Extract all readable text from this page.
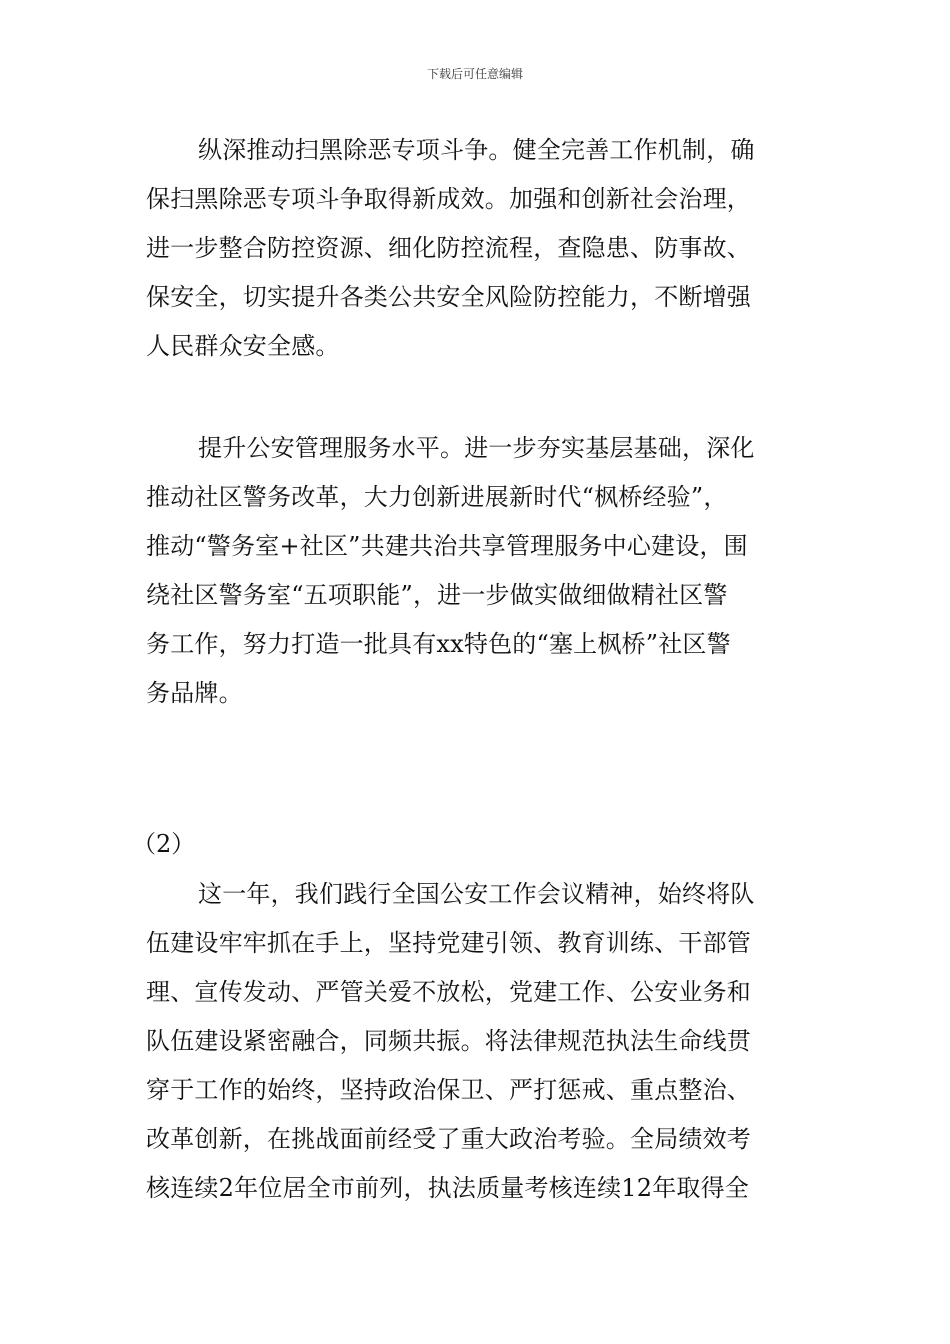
下载后可任意编辑
纵深推动扫黑除恶专项斗争。健全完善工作机制，确
保扫黑除恶专项斗争取得新成效。加强和创新社会治理，
进一步整合防控资源、细化防控流程，查隐患、防事故、
保安全，切实提升各类公共安全风险防控能力，不断增强
人民群众安全感。
提升公安管理服务水平。进一步夯实基层基础，深化
推动社区警务改革，大力创新进展新时代“枫桥经验”，
推动“警务室+社区”共建共治共享管理服务中心建设，围
绕社区警务室“五项职能”，进一步做实做细做精社区警
务工作，努力打造一批具有xx特色的“塞上枫桥”社区警
务品牌。

（2）

这一年，我们践行全国公安工作会议精神，始终将队
伍建设牢牢抓在手上，坚持党建引领、教育训练、干部管
理、宣传发动、严管关爱不放松，党建工作、公安业务和
队伍建设紧密融合，同频共振。将法律规范执法生命线贯
穿于工作的始终，坚持政治保卫、严打惩戒、重点整治、
改革创新，在挑战面前经受了重大政治考验。全局绩效考
核连续2年位居全市前列，执法质量考核连续12年取得全
